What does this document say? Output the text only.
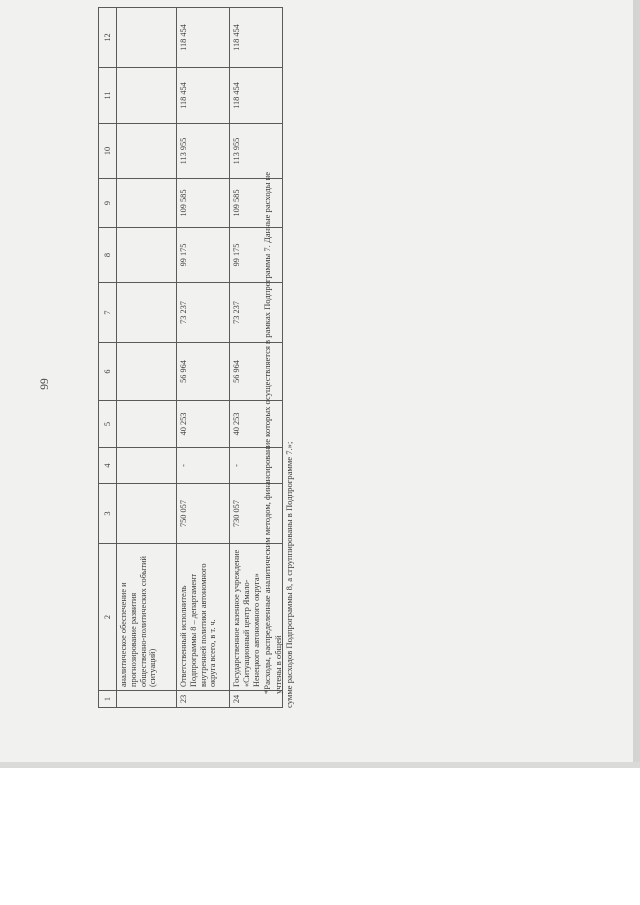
99
1	2	3	4	5	6	7	8	9	10	11	12
	аналитическое обеспечение и прогнозирование развития общественно-политических событий (ситуаций)										
23	Ответственный исполнитель Подпрограммы 8 – департамент внутренней политики автономного округа всего, в т. ч.	750 057	-	40 253	56 964	73 237	99 175	109 585	113 955	118 454	118 454
24	Государственное казенное учреждение «Ситуационный центр Ямало-Ненецкого автономного округа»	730 057	-	40 253	56 964	73 237	99 175	109 585	113 955	118 454	118 454
*Расходы, распределенные аналитическим методом, финансирование которых осуществляется в рамках Подпрограммы 7. Данные расходы не учтены в общей сумме расходов Подпрограммы 8, а сгруппированы в Подпрограмме 7.»;
